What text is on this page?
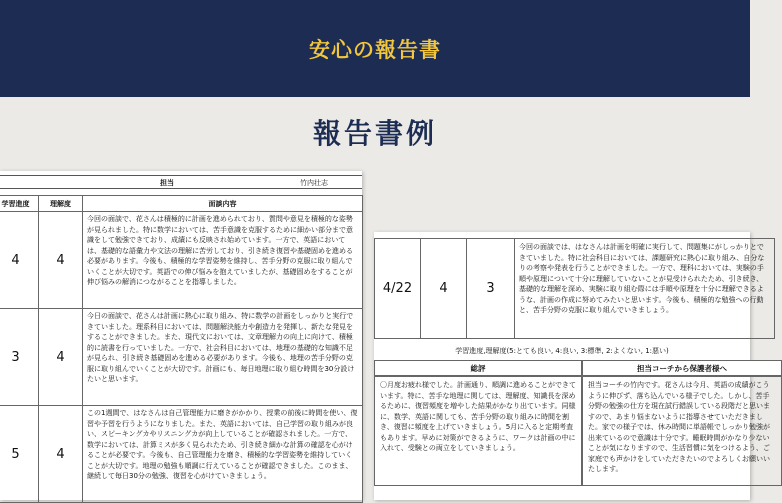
安心の報告書
報告書例
担当	竹内壮志
学習進度	理解度	面談内容
4	4	今回の面談で、花さんは積極的に計画を進められており、質問や意見を積極的な姿勢が見られました。特に数学においては、苦手意識を克服するために細かい部分まで意識をして勉強できており、成績にも反映され始めています。一方で、英語においては、基礎的な語彙力や文法の理解に苦労しており、引き続き復習や基礎固めを進める必要があります。今後も、積極的な学習姿勢を維持し、苦手分野の克服に取り組んでいくことが大切です。英語での伸び悩みを抱えていましたが、基礎固めをすることが伸び悩みの解消につながることを指導しました。
3	4	今日の面談で、花さんは計画に熱心に取り組み、特に数学の計画をしっかりと実行できていました。理系科目においては、問題解決能力や創造力を発揮し、新たな発見をすることができました。また、現代文においては、文章理解力の向上に向けて、積極的に読書を行っていました。一方で、社会科目においては、地理の基礎的な知識不足が見られ、引き続き基礎固めを進める必要があります。今後も、地理の苦手分野の克服に取り組んでいくことが大切です。計画にも、毎日地理に取り組む時間を30分設けたいと思います。
5	4	この1週間で、はなさんは自己管理能力に磨きがかかり、授業の前後に時間を使い、復習や予習を行うようになりました。また、英語においては、自己学習の取り組みが良い、スピーキングカやリスニングカが向上していることが確認されました。一方で、数学においては、計算ミスが多く見られたため、引き続き細かな計算の確認を心がけることが必要です。今後も、自己管理能力を磨き、積極的な学習姿勢を維持していくことが大切です。地理の勉強も順調に行えていることが確認できました。このまま、継続して毎日30分の勉強、復習を心がけていきましょう。
4/22	4	3	今回の面談では、はなさんは計画を明確に実行して、問題集にがしっかりとできていました。特に社会科目においては、課題研究に熱心に取り組み、自分なりの考察や発表を行うことができました。一方で、理科においては、実験の手順や原理について十分に理解していないことが見受けられたため、引き続き、基礎的な理解を深め、実験に取り組む際には手順や原理を十分に理解できるような、計画の作成に努めてみたいと思います。今後も、積極的な勉強への行動と、苦手分野の克服に取り組んでいきましょう。
学習進度,理解度(5:とても良い, 4:良い, 3:標準, 2:よくない, 1:悪い)
総評	担当コーチから保護者様へ
〇月度お疲れ様でした。計画通り、順調に進めることができています。特に、苦手な地理に関しては、理解度、知識長を深めるために、復習頻度を増やした結果がかなり出ています。同様に、数学、英語に関しても、苦手分野の取り組みに時間を割き、復習に頻度を上げていきましょう。5月に入ると定期考査もあります。早めに対策ができるように、ワークは計画の中に入れて、受験との両立をしていきましょう。
担当コーチの竹内です。花さんは今月、英語の成績がこうように伸びず、落ち込んでいる様子でした。しかし、苦手分野の勉強の仕方を現在試行錯誤している段階だと思いますので、あまり悩まないように指導させていただきました。家での様子では、休み時間に単語帳でしっかり勉強が出来ているので意識は十分です。睡眠時間がかなり少ないことが気になりますので、生活習慣に気をつけるよう、ご家庭でも声かけをしていただきたいのでよろしくお願いいたします。
